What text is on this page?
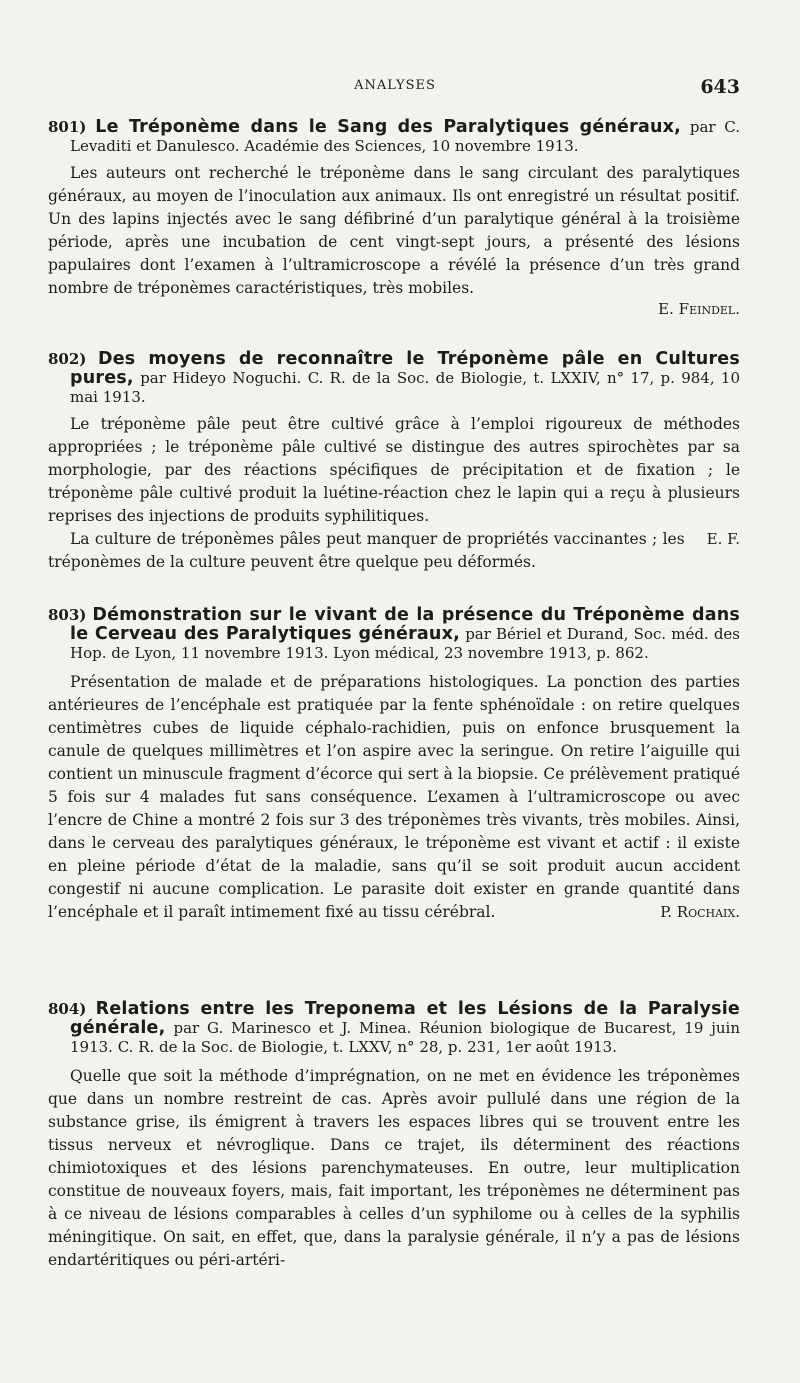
ANALYSES	643

801) Le Tréponème dans le Sang des Paralytiques généraux, par C. Levaditi et Danulesco. Académie des Sciences, 10 novembre 1913.

Les auteurs ont recherché le tréponème dans le sang circulant des paralytiques généraux, au moyen de l’inoculation aux animaux. Ils ont enregistré un résultat positif. Un des lapins injectés avec le sang défibriné d’un paralytique général à la troisième période, après une incubation de cent vingt-sept jours, a présenté des lésions papulaires dont l’examen à l’ultramicroscope a révélé la présence d’un très grand nombre de tréponèmes caractéristiques, très mobiles.

E. Feindel.

802) Des moyens de reconnaître le Tréponème pâle en Cultures pures, par Hideyo Noguchi. C. R. de la Soc. de Biologie, t. LXXIV, n° 17, p. 984, 10 mai 1913.

Le tréponème pâle peut être cultivé grâce à l’emploi rigoureux de méthodes appropriées ; le tréponème pâle cultivé se distingue des autres spirochètes par sa morphologie, par des réactions spécifiques de précipitation et de fixation ; le tréponème pâle cultivé produit la luétine-réaction chez le lapin qui a reçu à plusieurs reprises des injections de produits syphilitiques.

E. F.
La culture de tréponèmes pâles peut manquer de propriétés vaccinantes ; les tréponèmes de la culture peuvent être quelque peu déformés.

803) Démonstration sur le vivant de la présence du Tréponème dans le Cerveau des Paralytiques généraux, par Bériel et Durand, Soc. méd. des Hop. de Lyon, 11 novembre 1913. Lyon médical, 23 novembre 1913, p. 862.

Présentation de malade et de préparations histologiques. La ponction des parties antérieures de l’encéphale est pratiquée par la fente sphénoïdale : on retire quelques centimètres cubes de liquide céphalo-rachidien, puis on enfonce brusquement la canule de quelques millimètres et l’on aspire avec la seringue. On retire l’aiguille qui contient un minuscule fragment d’écorce qui sert à la biopsie. Ce prélèvement pratiqué 5 fois sur 4 malades fut sans conséquence. L’examen à l’ultramicroscope ou avec l’encre de Chine a montré 2 fois sur 3 des tréponèmes très vivants, très mobiles. Ainsi, dans le cerveau des paralytiques généraux, le tréponème est vivant et actif : il existe en pleine période d’état de la maladie, sans qu’il se soit produit aucun accident congestif ni aucune complication. Le parasite doit exister en grande quantité dans l’encéphale et il paraît intimement fixé au tissu cérébral.	P. Rochaix.

804) Relations entre les Treponema et les Lésions de la Paralysie générale, par G. Marinesco et J. Minea. Réunion biologique de Bucarest, 19 juin 1913. C. R. de la Soc. de Biologie, t. LXXV, n° 28, p. 231, 1er août 1913.

Quelle que soit la méthode d’imprégnation, on ne met en évidence les tréponèmes que dans un nombre restreint de cas. Après avoir pullulé dans une région de la substance grise, ils émigrent à travers les espaces libres qui se trouvent entre les tissus nerveux et névroglique. Dans ce trajet, ils déterminent des réactions chimiotoxiques et des lésions parenchymateuses. En outre, leur multiplication constitue de nouveaux foyers, mais, fait important, les tréponèmes ne déterminent pas à ce niveau de lésions comparables à celles d’un syphilome ou à celles de la syphilis méningitique. On sait, en effet, que, dans la paralysie générale, il n’y a pas de lésions endartéritiques ou péri-artéri-
